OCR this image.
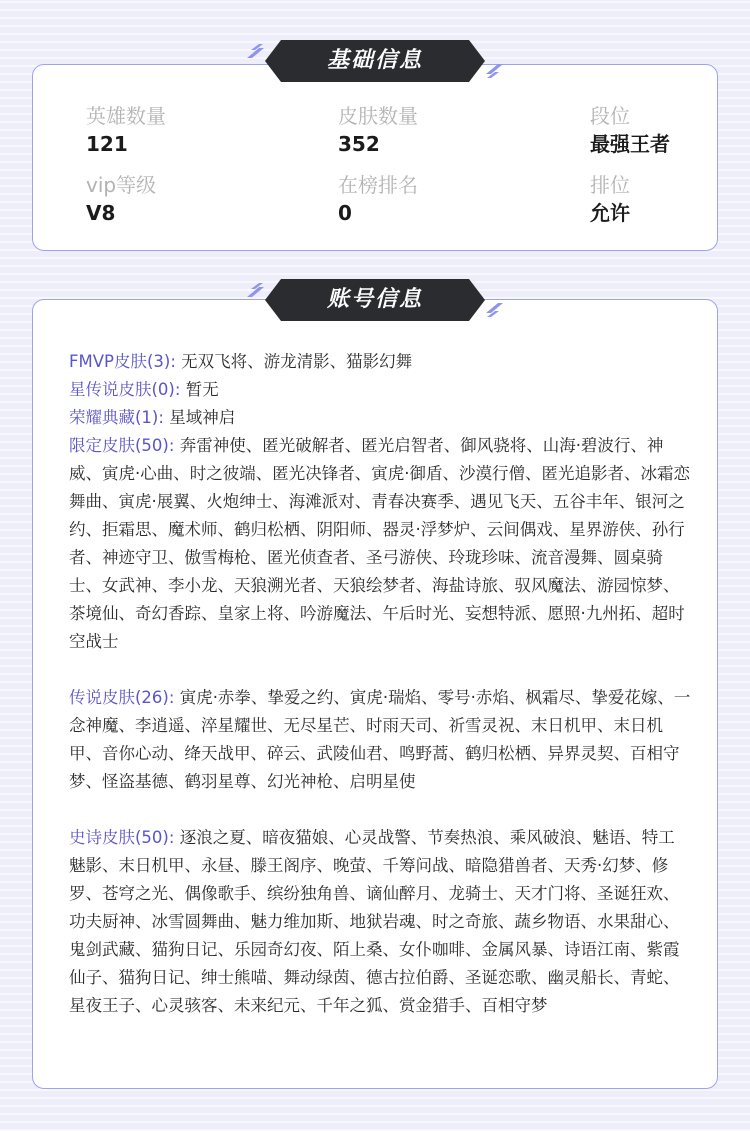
英雄数量
121
皮肤数量
352
段位
最强王者
vip等级
V8
在榜排名
0
排位
允许
基础信息
FMVP皮肤(3): 无双飞将、游龙清影、猫影幻舞
星传说皮肤(0): 暂无
荣耀典藏(1): 星域神启
限定皮肤(50): 奔雷神使、匿光破解者、匿光启智者、御风骁将、山海·碧波行、神威、寅虎·心曲、时之彼端、匿光决锋者、寅虎·御盾、沙漠行僧、匿光追影者、冰霜恋舞曲、寅虎·展翼、火炮绅士、海滩派对、青春决赛季、遇见飞天、五谷丰年、银河之约、拒霜思、魔术师、鹤归松栖、阴阳师、器灵·浮梦炉、云间偶戏、星界游侠、孙行者、神迹守卫、傲雪梅枪、匿光侦查者、圣弓游侠、玲珑珍味、流音漫舞、圆桌骑士、女武神、李小龙、天狼溯光者、天狼绘梦者、海盐诗旅、驭风魔法、游园惊梦、茶境仙、奇幻香踪、皇家上将、吟游魔法、午后时光、妄想特派、愿照·九州拓、超时空战士
传说皮肤(26): 寅虎·赤拳、挚爱之约、寅虎·瑞焰、零号·赤焰、枫霜尽、挚爱花嫁、一念神魔、李逍遥、淬星耀世、无尽星芒、时雨天司、祈雪灵祝、末日机甲、末日机甲、音你心动、绛天战甲、碎云、武陵仙君、鸣野蒿、鹤归松栖、异界灵契、百相守梦、怪盗基德、鹤羽星尊、幻光神枪、启明星使
史诗皮肤(50): 逐浪之夏、暗夜猫娘、心灵战警、节奏热浪、乘风破浪、魅语、特工魅影、末日机甲、永昼、滕王阁序、晚萤、千筹问战、暗隐猎兽者、天秀·幻梦、修罗、苍穹之光、偶像歌手、缤纷独角兽、谪仙醉月、龙骑士、天才门将、圣诞狂欢、功夫厨神、冰雪圆舞曲、魅力维加斯、地狱岩魂、时之奇旅、蔬乡物语、水果甜心、鬼剑武藏、猫狗日记、乐园奇幻夜、陌上桑、女仆咖啡、金属风暴、诗语江南、紫霞仙子、猫狗日记、绅士熊喵、舞动绿茵、德古拉伯爵、圣诞恋歌、幽灵船长、青蛇、星夜王子、心灵骇客、未来纪元、千年之狐、赏金猎手、百相守梦
账号信息
